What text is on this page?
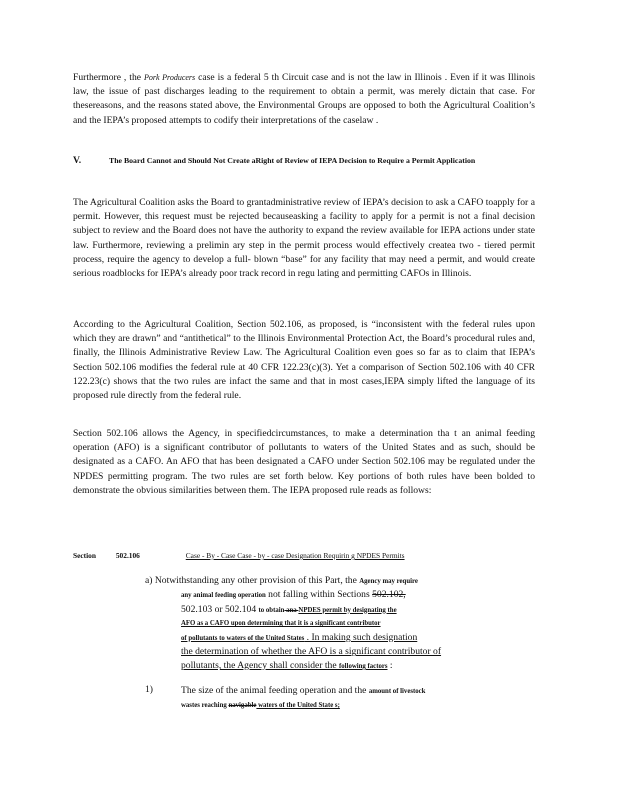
Furthermore , the Pork Producers case is a federal 5 th Circuit case and is not the law in Illinois . Even if it was Illinois law, the issue of past discharges leading to the requirement to obtain a permit, was merely dictain that case. For thesereasons, and the reasons stated above, the Environmental Groups are opposed to both the Agricultural Coalition’s and the IEPA’s proposed attempts to codify their interpretations of the caselaw .

V.	The Board Cannot and Should Not Create aRight of Review of IEPA Decision to Require a Permit Application

The Agricultural Coalition asks the Board to grantadministrative review of IEPA’s decision to ask a CAFO toapply for a permit. However, this request must be rejected becauseasking a facility to apply for a permit is not a final decision subject to review and the Board does not have the authority to expand the review available for IEPA actions under state law. Furthermore, reviewing a prelimin ary step in the permit process would effectively createa two - tiered permit process, require the agency to develop a full- blown “base” for any facility that may need a permit, and would create serious roadblocks for IEPA’s already poor track record in regu lating and permitting CAFOs in Illinois.

According to the Agricultural Coalition, Section 502.106, as proposed, is “inconsistent with the federal rules upon which they are drawn” and “antithetical” to the Illinois Environmental Protection Act, the Board’s procedural rules and, finally, the Illinois Administrative Review Law. The Agricultural Coalition even goes so far as to claim that IEPA’s Section 502.106 modifies the federal rule at 40 CFR 122.23(c)(3). Yet a comparison of Section 502.106 with 40 CFR 122.23(c) shows that the two rules are infact the same and that in most cases,IEPA simply lifted the language of its proposed rule directly from the federal rule.

Section 502.106 allows the Agency, in specifiedcircumstances, to make a determination tha t an animal feeding operation (AFO) is a significant contributor of pollutants to waters of the United States and as such, should be designated as a CAFO. An AFO that has been designated a CAFO under Section 502.106 may be regulated under the NPDES permitting program. The two rules are set forth below. Key portions of both rules have been bolded to demonstrate the obvious similarities between them. The IEPA proposed rule reads as follows:

Section	502.106	Case - By - Case Case - by - case Designation Requirin g NPDES Permits
a) Notwithstanding any other provision of this Part, the Agency may require
any animal feeding operation not falling within Sections 502.102,
502.103 or 502.104 to obtain ana NPDES permit by designating the
AFO as a CAFO upon determining that it is a significant contributor
of pollutants to waters of the United States . In making such designation
the determination of whether the AFO is a significant contributor of
pollutants, the Agency shall consider the following factors :
1)	The size of the animal feeding operation and the amount of livestock
wastes reaching navigable waters of the United State s;
